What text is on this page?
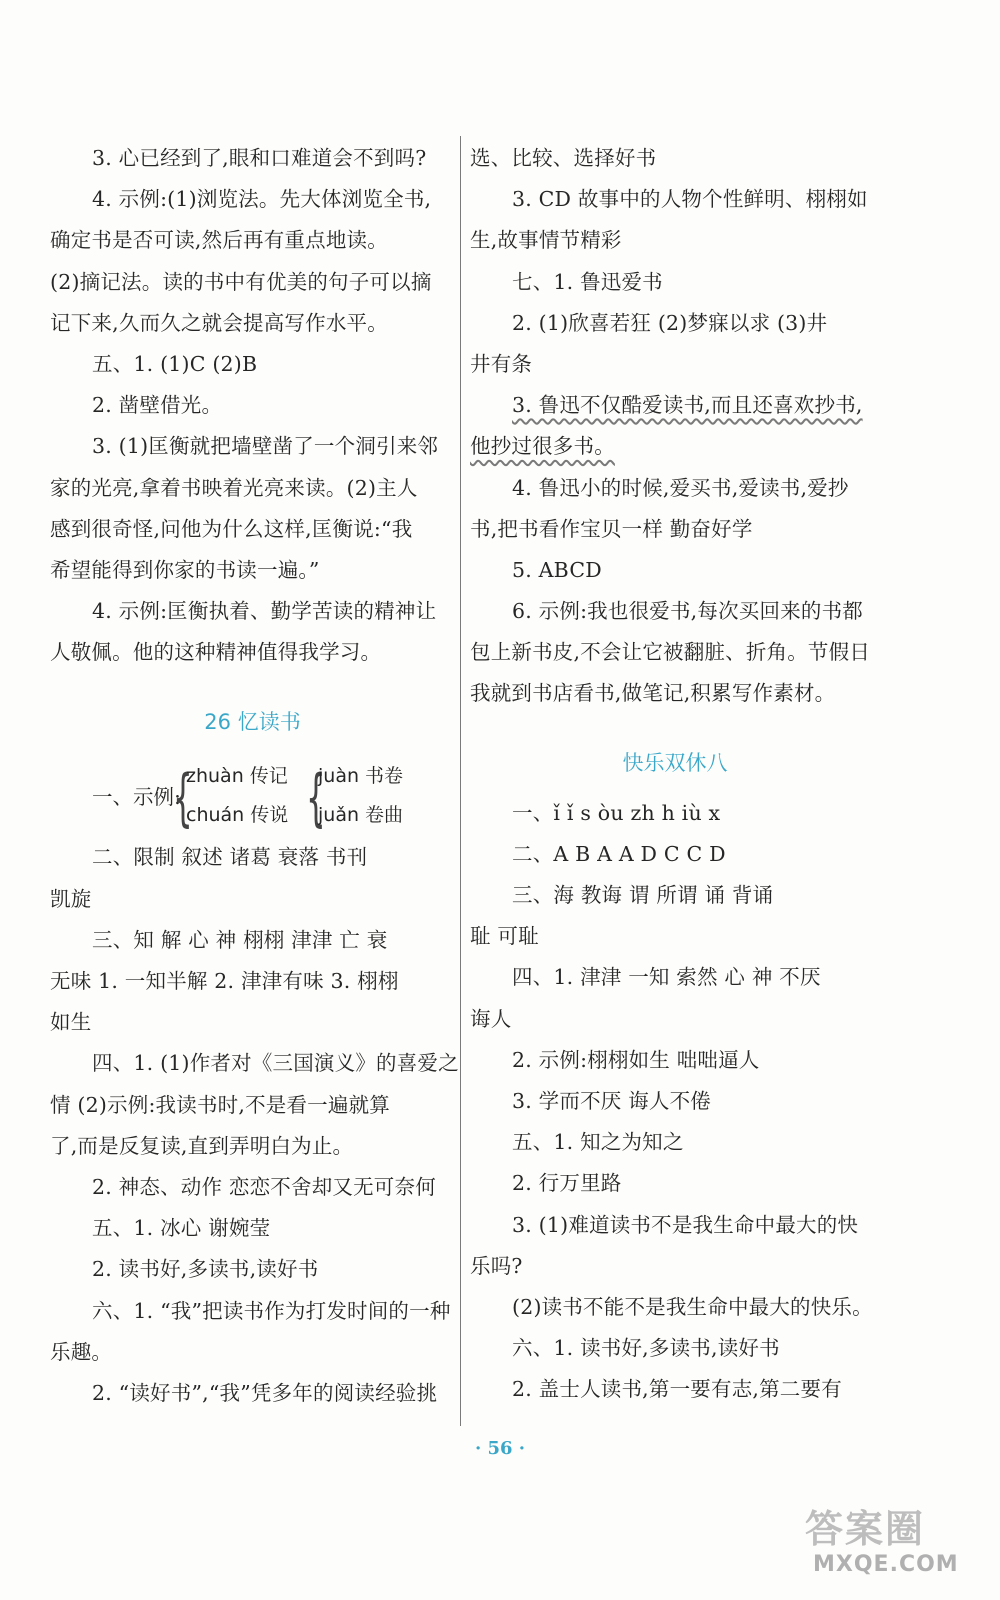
3. 心已经到了,眼和口难道会不到吗?
4. 示例:(1)浏览法。先大体浏览全书,
确定书是否可读,然后再有重点地读。
(2)摘记法。读的书中有优美的句子可以摘
记下来,久而久之就会提高写作水平。
五、1. (1)C (2)B
2. 凿壁借光。
3. (1)匡衡就把墙壁凿了一个洞引来邻
家的光亮,拿着书映着光亮来读。(2)主人
感到很奇怪,问他为什么这样,匡衡说:“我
希望能得到你家的书读一遍。”
4. 示例:匡衡执着、勤学苦读的精神让
人敬佩。他的这种精神值得我学习。
26 忆读书
一、示例:
{
zhuàn 传记
chuán 传说 {
juàn 书卷
juǎn 卷曲
二、限制 叙述 诸葛 衰落 书刊
凯旋
三、知 解 心 神 栩栩 津津 亡 衰
无味 1. 一知半解 2. 津津有味 3. 栩栩
如生
四、1. (1)作者对《三国演义》的喜爱之
情 (2)示例:我读书时,不是看一遍就算
了,而是反复读,直到弄明白为止。
2. 神态、动作 恋恋不舍却又无可奈何
五、1. 冰心 谢婉莹
2. 读书好,多读书,读好书
六、1. “我”把读书作为打发时间的一种
乐趣。
2. “读好书”,“我”凭多年的阅读经验挑
选、比较、选择好书
3. CD 故事中的人物个性鲜明、栩栩如
生,故事情节精彩
七、1. 鲁迅爱书
2. (1)欣喜若狂 (2)梦寐以求 (3)井
井有条
3. 鲁迅不仅酷爱读书,而且还喜欢抄书,
他抄过很多书。
4. 鲁迅小的时候,爱买书,爱读书,爱抄
书,把书看作宝贝一样 勤奋好学
5. ABCD
6. 示例:我也很爱书,每次买回来的书都
包上新书皮,不会让它被翻脏、折角。节假日
我就到书店看书,做笔记,积累写作素材。
快乐双休八
一、ǐ ǐ s òu zh h iù x
二、A B A A D C C D
三、海 教诲 谓 所谓 诵 背诵
耻 可耻
四、1. 津津 一知 索然 心 神 不厌
诲人
2. 示例:栩栩如生 咄咄逼人
3. 学而不厌 诲人不倦
五、1. 知之为知之
2. 行万里路
3. (1)难道读书不是我生命中最大的快
乐吗?
(2)读书不能不是我生命中最大的快乐。
六、1. 读书好,多读书,读好书
2. 盖士人读书,第一要有志,第二要有
· 56 ·
答案圈
MXQE.COM
